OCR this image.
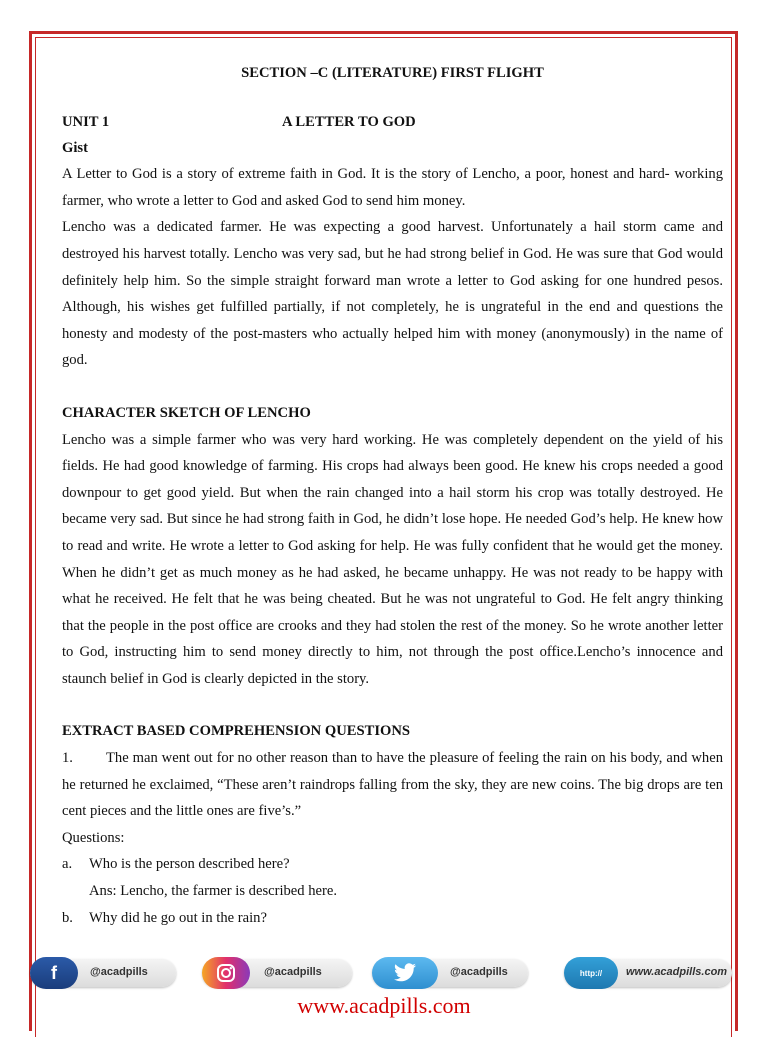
SECTION –C (LITERATURE) FIRST FLIGHT
UNIT 1	A LETTER TO GOD

Gist

A Letter to God is a story of extreme faith in God. It is the story of Lencho, a poor, honest and hard- working farmer, who wrote a letter to God and asked God to send him money.

Lencho was a dedicated farmer. He was expecting a good harvest. Unfortunately a hail storm came and destroyed his harvest totally. Lencho was very sad, but he had strong belief in God. He was sure that God would definitely help him. So the simple straight forward man wrote a letter to God asking for one hundred pesos. Although, his wishes get fulfilled partially, if not completely, he is ungrateful in the end and questions the honesty and modesty of the post-masters who actually helped him with money (anonymously) in the name of god.

CHARACTER SKETCH OF LENCHO

Lencho was a simple farmer who was very hard working. He was completely dependent on the yield of his fields. He had good knowledge of farming. His crops had always been good. He knew his crops needed a good downpour to get good yield. But when the rain changed into a hail storm his crop was totally destroyed. He became very sad. But since he had strong faith in God, he didn’t lose hope. He needed God’s help. He knew how to read and write. He wrote a letter to God asking for help. He was fully confident that he would get the money. When he didn’t get as much money as he had asked, he became unhappy. He was not ready to be happy with what he received. He felt that he was being cheated. But he was not ungrateful to God. He felt angry thinking that the people in the post office are crooks and they had stolen the rest of the money. So he wrote another letter to God, instructing him to send money directly to him, not through the post office.Lencho’s innocence and staunch belief in God is clearly depicted in the story.

EXTRACT BASED COMPREHENSION QUESTIONS

1. The man went out for no other reason than to have the pleasure of feeling the rain on his body, and when he returned he exclaimed, “These aren’t raindrops falling from the sky, they are new coins. The big drops are ten cent pieces and the little ones are five’s.”

Questions:

a. Who is the person described here?

Ans: Lencho, the farmer is described here.

b. Why did he go out in the rain?

f	@acadpills	@acadpills	@acadpills	http://	www.acadpills.com
www.acadpills.com
